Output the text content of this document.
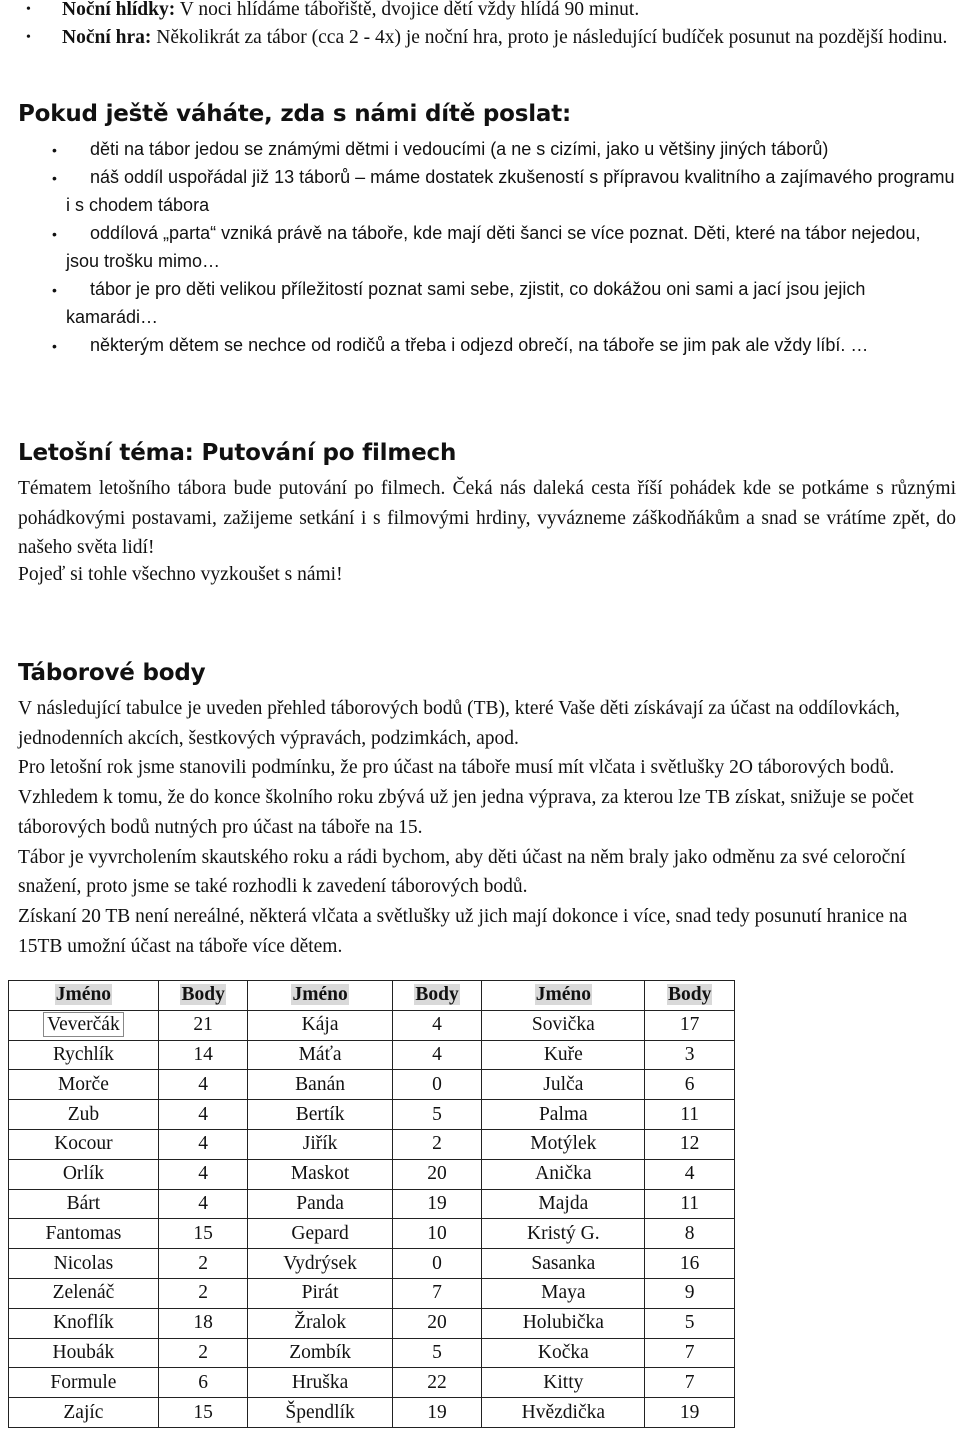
• Noční hlídky: V noci hlídáme tábořiště, dvojice dětí vždy hlídá 90 minut.
• Noční hra: Několikrát za tábor (cca 2 - 4x) je noční hra, proto je následující budíček posunut na pozdější hodinu.
Pokud ještě váháte, zda s námi dítě poslat:
• děti na tábor jedou se známými dětmi i vedoucími (a ne s cizími, jako u většiny jiných táborů)
• náš oddíl uspořádal již 13 táborů – máme dostatek zkušeností s přípravou kvalitního a zajímavého programu i s chodem tábora
• oddílová „parta“ vzniká právě na táboře, kde mají děti šanci se více poznat. Děti, které na tábor nejedou, jsou trošku mimo…
• tábor je pro děti velikou příležitostí poznat sami sebe, zjistit, co dokážou oni sami a jací jsou jejich kamarádi…
• některým dětem se nechce od rodičů a třeba i odjezd obrečí, na táboře se jim pak ale vždy líbí. …
Letošní téma: Putování po filmech

Tématem letošního tábora bude putování po filmech. Čeká nás daleká cesta říší pohádek kde se potkáme s různými pohádkovými postavami, zažijeme setkání i s filmovými hrdiny, vyvázneme záškodňákům a snad se vrátíme zpět, do našeho světa lidí!

Pojeď si tohle všechno vyzkoušet s námi!

Táborové body
V následující tabulce je uveden přehled táborových bodů (TB), které Vaše děti získávají za účast na oddílovkách, jednodenních akcích, šestkových výpravách, podzimkách, apod.
Pro letošní rok jsme stanovili podmínku, že pro účast na táboře musí mít vlčata i světlušky 2O táborových bodů. Vzhledem k tomu, že do konce školního roku zbývá už jen jedna výprava, za kterou lze TB získat, snižuje se počet táborových bodů nutných pro účast na táboře na 15.
Tábor je vyvrcholením skautského roku a rádi bychom, aby děti účast na něm braly jako odměnu za své celoroční snažení, proto jsme se také rozhodli k zavedení táborových bodů.
Získaní 20 TB není nereálné, některá vlčata a světlušky už jich mají dokonce i více, snad tedy posunutí hranice na 15TB umožní účast na táboře více dětem.
Jméno	Body	Jméno	Body	Jméno	Body
Veverčák	21	Kája	4	Sovička	17
Rychlík	14	Máťa	4	Kuře	3
Morče	4	Banán	0	Julča	6
Zub	4	Bertík	5	Palma	11
Kocour	4	Jiřík	2	Motýlek	12
Orlík	4	Maskot	20	Anička	4
Bárt	4	Panda	19	Majda	11
Fantomas	15	Gepard	10	Kristý G.	8
Nicolas	2	Vydrýsek	0	Sasanka	16
Zelenáč	2	Pirát	7	Maya	9
Knoflík	18	Žralok	20	Holubička	5
Houbák	2	Zombík	5	Kočka	7
Formule	6	Hruška	22	Kitty	7
Zajíc	15	Špendlík	19	Hvězdička	19
